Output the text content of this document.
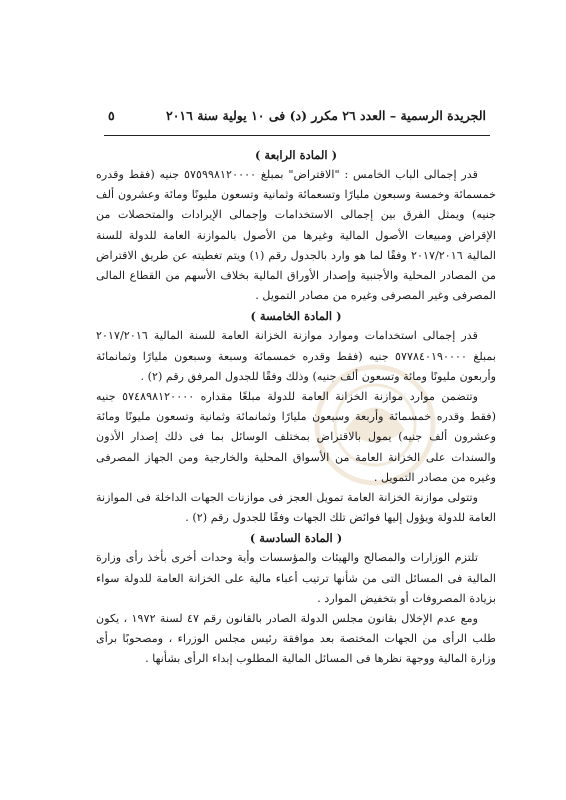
الجريدة الرسمية – العدد ٢٦ مكرر (د) فى ١٠ يولية سنة ٢٠١٦
٥

( المادة الرابعة )

قدر إجمالى الباب الخامس : "الاقتراض" بمبلغ ٥٧٥٩٩٨١٢٠٠٠٠ جنيه (فقط وقدره خمسمائة وخمسة وسبعون مليارًا وتسعمائة وثمانية وتسعون مليونًا ومائة وعشرون ألف جنيه) ويمثل الفرق بين إجمالى الاستخدامات وإجمالى الإيرادات والمتحصلات من الإقراض ومبيعات الأصول المالية وغيرها من الأصول بالموازنة العامة للدولة للسنة المالية ٢٠١٧/٢٠١٦ وفقًا لما هو وارد بالجدول رقم (١) ويتم تغطيته عن طريق الاقتراض من المصادر المحلية والأجنبية وإصدار الأوراق المالية بخلاف الأسهم من القطاع المالى المصرفى وغير المصرفى وغيره من مصادر التمويل .

( المادة الخامسة )

قدر إجمالى استخدامات وموارد موازنة الخزانة العامة للسنة المالية ٢٠١٧/٢٠١٦ بمبلغ ٥٧٧٨٤٠١٩٠٠٠٠ جنيه (فقط وقدره خمسمائة وسبعة وسبعون مليارًا وثمانمائة وأربعون مليونًا ومائة وتسعون ألف جنيه) وذلك وفقًا للجدول المرفق رقم (٢) .

وتتضمن موارد موازنة الخزانة العامة للدولة مبلغًا مقداره ٥٧٤٨٩٨١٢٠٠٠٠ جنيه (فقط وقدره خمسمائة وأربعة وسبعون مليارًا وثمانمائة وثمانية وتسعون مليونًا ومائة وعشرون ألف جنيه) يمول بالاقتراض بمختلف الوسائل بما فى ذلك إصدار الأذون والسندات على الخزانة العامة من الأسواق المحلية والخارجية ومن الجهاز المصرفى وغيره من مصادر التمويل .

وتتولى موازنة الخزانة العامة تمويل العجز فى موازنات الجهات الداخلة فى الموازنة العامة للدولة ويؤول إليها فوائض تلك الجهات وفقًا للجدول رقم (٢) .

( المادة السادسة )

تلتزم الوزارات والمصالح والهيئات والمؤسسات وأية وحدات أخرى بأخذ رأى وزارة المالية فى المسائل التى من شأنها ترتيب أعباء مالية على الخزانة العامة للدولة سواء بزيادة المصروفات أو بتخفيض الموارد .

ومع عدم الإخلال بقانون مجلس الدولة الصادر بالقانون رقم ٤٧ لسنة ١٩٧٢ ، يكون طلب الرأى من الجهات المختصة بعد موافقة رئيس مجلس الوزراء ، ومصحوبًا برأى وزارة المالية ووجهة نظرها فى المسائل المالية المطلوب إبداء الرأى بشأنها .
